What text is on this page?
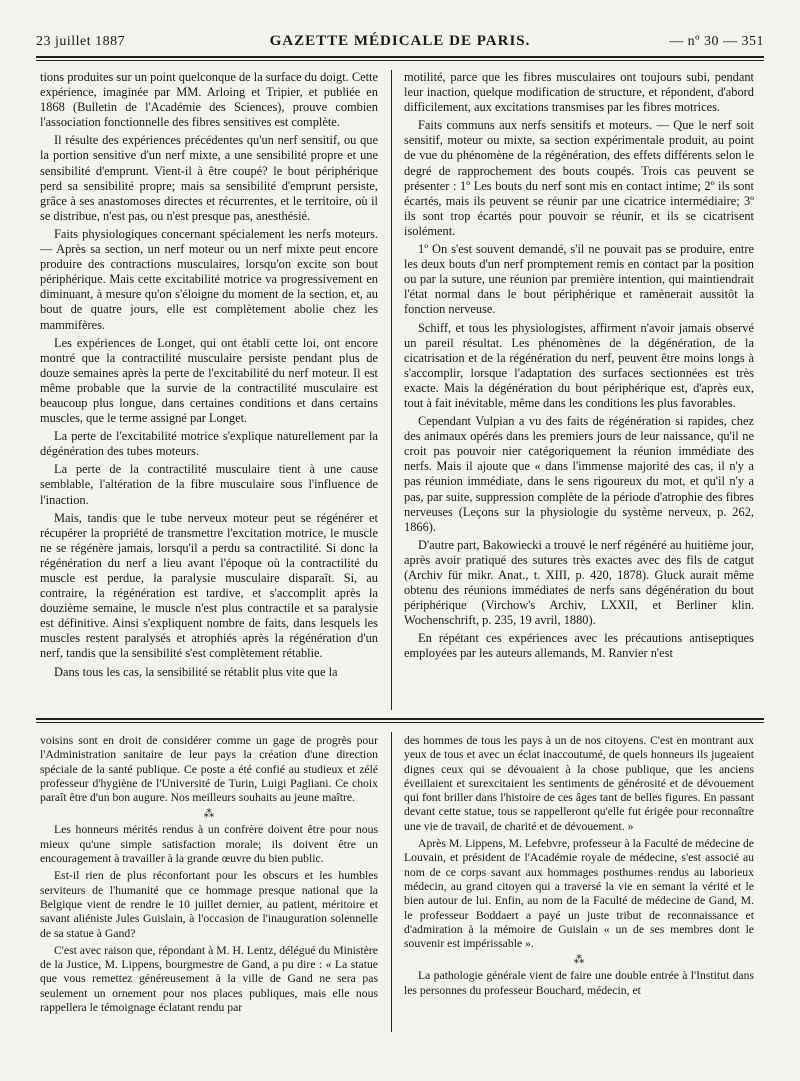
23 juillet 1887	GAZETTE MÉDICALE DE PARIS.	— nº 30 — 351

tions produites sur un point quelconque de la surface du doigt. Cette expérience, imaginée par MM. Arloing et Tripier, et publiée en 1868 (Bulletin de l'Académie des Sciences), prouve combien l'association fonctionnelle des fibres sensitives est complète.

Il résulte des expériences précédentes qu'un nerf sensitif, ou que la portion sensitive d'un nerf mixte, a une sensibilité propre et une sensibilité d'emprunt. Vient-il à être coupé? le bout périphérique perd sa sensibilité propre; mais sa sensibilité d'emprunt persiste, grâce à ses anastomoses directes et récurrentes, et le territoire, où il se distribue, n'est pas, ou n'est presque pas, anesthésié.

Faits physiologiques concernant spécialement les nerfs moteurs. — Après sa section, un nerf moteur ou un nerf mixte peut encore produire des contractions musculaires, lorsqu'on excite son bout périphérique. Mais cette excitabilité motrice va progressivement en diminuant, à mesure qu'on s'éloigne du moment de la section, et, au bout de quatre jours, elle est complètement abolie chez les mammifères.

Les expériences de Longet, qui ont établi cette loi, ont encore montré que la contractilité musculaire persiste pendant plus de douze semaines après la perte de l'excitabilité du nerf moteur. Il est même probable que la survie de la contractilité musculaire est beaucoup plus longue, dans certaines conditions et dans certains muscles, que le terme assigné par Longet.

La perte de l'excitabilité motrice s'explique naturellement par la dégénération des tubes moteurs.

La perte de la contractilité musculaire tient à une cause semblable, l'altération de la fibre musculaire sous l'influence de l'inaction.

Mais, tandis que le tube nerveux moteur peut se régénérer et récupérer la propriété de transmettre l'excitation motrice, le muscle ne se régénère jamais, lorsqu'il a perdu sa contractilité. Si donc la régénération du nerf a lieu avant l'époque où la contractilité du muscle est perdue, la paralysie musculaire disparaît. Si, au contraire, la régénération est tardive, et s'accomplit après la douzième semaine, le muscle n'est plus contractile et sa paralysie est définitive. Ainsi s'expliquent nombre de faits, dans lesquels les muscles restent paralysés et atrophiés après la régénération d'un nerf, tandis que la sensibilité s'est complètement rétablie.

Dans tous les cas, la sensibilité se rétablit plus vite que la

motilité, parce que les fibres musculaires ont toujours subi, pendant leur inaction, quelque modification de structure, et répondent, d'abord difficilement, aux excitations transmises par les fibres motrices.

Faits communs aux nerfs sensitifs et moteurs. — Que le nerf soit sensitif, moteur ou mixte, sa section expérimentale produit, au point de vue du phénomène de la régénération, des effets différents selon le degré de rapprochement des bouts coupés. Trois cas peuvent se présenter : 1º Les bouts du nerf sont mis en contact intime; 2º ils sont écartés, mais ils peuvent se réunir par une cicatrice intermédiaire; 3º ils sont trop écartés pour pouvoir se réunir, et ils se cicatrisent isolément.

1º On s'est souvent demandé, s'il ne pouvait pas se produire, entre les deux bouts d'un nerf promptement remis en contact par la position ou par la suture, une réunion par première intention, qui maintiendrait l'état normal dans le bout périphérique et ramènerait aussitôt la fonction nerveuse.

Schiff, et tous les physiologistes, affirment n'avoir jamais observé un pareil résultat. Les phénomènes de la dégénération, de la cicatrisation et de la régénération du nerf, peuvent être moins longs à s'accomplir, lorsque l'adaptation des surfaces sectionnées est très exacte. Mais la dégénération du bout périphérique est, d'après eux, tout à fait inévitable, même dans les conditions les plus favorables.

Cependant Vulpian a vu des faits de régénération si rapides, chez des animaux opérés dans les premiers jours de leur naissance, qu'il ne croit pas pouvoir nier catégoriquement la réunion immédiate des nerfs. Mais il ajoute que « dans l'immense majorité des cas, il n'y a pas réunion immédiate, dans le sens rigoureux du mot, et qu'il n'y a pas, par suite, suppression complète de la période d'atrophie des fibres nerveuses (Leçons sur la physiologie du système nerveux, p. 262, 1866).

D'autre part, Bakowiecki a trouvé le nerf régénéré au huitième jour, après avoir pratiqué des sutures très exactes avec des fils de catgut (Archiv für mikr. Anat., t. XIII, p. 420, 1878). Gluck aurait même obtenu des réunions immédiates de nerfs sans dégénération du bout périphérique (Virchow's Archiv, LXXII, et Berliner klin. Wochenschrift, p. 235, 19 avril, 1880).

En répétant ces expériences avec les précautions antiseptiques employées par les auteurs allemands, M. Ranvier n'est

voisins sont en droit de considérer comme un gage de progrès pour l'Administration sanitaire de leur pays la création d'une direction spéciale de la santé publique. Ce poste a été confié au studieux et zélé professeur d'hygiène de l'Université de Turin, Luigi Pagliani. Ce choix paraît être d'un bon augure. Nos meilleurs souhaits au jeune maître.

⁂

Les honneurs mérités rendus à un confrère doivent être pour nous mieux qu'une simple satisfaction morale; ils doivent être un encouragement à travailler à la grande œuvre du bien public.

Est-il rien de plus réconfortant pour les obscurs et les humbles serviteurs de l'humanité que ce hommage presque national que la Belgique vient de rendre le 10 juillet dernier, au patient, méritoire et savant aliéniste Jules Guislain, à l'occasion de l'inauguration solennelle de sa statue à Gand?

C'est avec raison que, répondant à M. H. Lentz, délégué du Ministère de la Justice, M. Lippens, bourgmestre de Gand, a pu dire : « La statue que vous remettez généreusement à la ville de Gand ne sera pas seulement un ornement pour nos places publiques, mais elle nous rappellera le témoignage éclatant rendu par

des hommes de tous les pays à un de nos citoyens. C'est en montrant aux yeux de tous et avec un éclat inaccoutumé, de quels honneurs ils jugeaient dignes ceux qui se dévouaient à la chose publique, que les anciens éveillaient et surexcitaient les sentiments de générosité et de dévouement qui font briller dans l'histoire de ces âges tant de belles figures. En passant devant cette statue, tous se rappelleront qu'elle fut érigée pour reconnaître une vie de travail, de charité et de dévouement. »

Après M. Lippens, M. Lefebvre, professeur à la Faculté de médecine de Louvain, et président de l'Académie royale de médecine, s'est associé au nom de ce corps savant aux hommages posthumes rendus au laborieux médecin, au grand citoyen qui a traversé la vie en semant la vérité et le bien autour de lui. Enfin, au nom de la Faculté de médecine de Gand, M. le professeur Boddaert a payé un juste tribut de reconnaissance et d'admiration à la mémoire de Guislain « un de ses membres dont le souvenir est impérissable ».

⁂

La pathologie générale vient de faire une double entrée à l'Institut dans les personnes du professeur Bouchard, médecin, et
